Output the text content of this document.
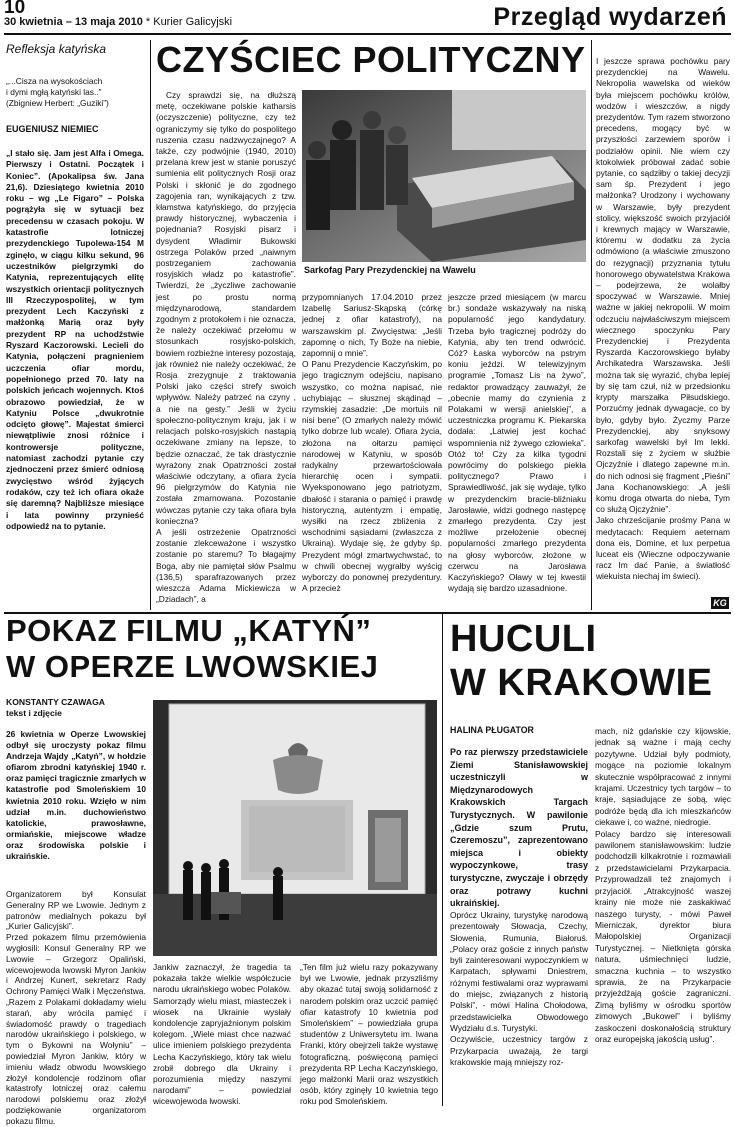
10
30 kwietnia – 13 maja 2010 * Kurier Galicyjski	Przegląd wydarzeń
Refleksja katyńska CZYŚCIEC POLITYCZNY
„...Cisza na wysokościach
i dymi mgłą katyński las..”
(Zbigniew Herbert: „Guziki”)
EUGENIUSZ NIEMIEC
„I stało się. Jam jest Alfa i Omega. Pierwszy i Ostatni. Początek i Koniec”. (Apokalipsa św. Jana 21,6). Dziesiątego kwietnia 2010 roku – wg „Le Figaro” – Polska pogrążyła się w sytuacji bez precedensu w czasach pokoju. W katastrofie lotniczej prezydenckiego Tupolewa-154 M zginęło, w ciągu kilku sekund, 96 uczestników pielgrzymki do Katynia, reprezentujących elitę wszystkich orientacji politycznych III Rzeczypospolitej, w tym prezydent Lech Kaczyński z małżonką Marią oraz były prezydent RP na uchodźstwie Ryszard Kaczorowski. Lecieli do Katynia, połączeni pragnieniem uczczenia ofiar mordu, popełnionego przed 70. laty na polskich jeńcach wojennych. Ktoś obrazowo powiedział, że w Katyniu Polsce „dwukrotnie odcięto głowę”. Majestat śmierci niewątpliwie znosi różnice i kontrowersje polityczne, natomiast zachodzi pytanie czy zjednoczeni przez śmierć odniosą zwycięstwo wśród żyjących rodaków, czy też ich ofiara okaże się daremną? Najbliższe miesiące i lata powinny przynieść odpowiedź na to pytanie.
Czy sprawdzi się, na dłuższą metę, oczekiwane polskie katharsis (oczyszczenie) polityczne, czy też ograniczymy się tylko do pospolitego ruszenia czasu nadzwyczajnego? A także, czy podwójnie (1940, 2010) przelana krew jest w stanie poruszyć sumienia elit politycznych Rosji oraz Polski i skłonić je do zgodnego zagojenia ran, wynikających z tzw. kłamstwa katyńskiego, do przyjęcia prawdy historycznej, wybaczenia i pojednania? Rosyjski pisarz i dysydent Władimir Bukowski ostrzega Polaków przed „naiwnym postrzeganiem zachowania rosyjskich władz po katastrofie”. Twierdzi, że „życzliwe zachowanie jest po prostu normą międzynarodową, standardem zgodnym z protokołem i nie oznacza, że należy oczekiwać przełomu w stosunkach rosyjsko-polskich, bowiem rozbieżne interesy pozostają, jak również nie należy oczekiwać, że Rosja zrezygnuje z traktowania Polski jako części strefy swoich wpływów. Należy patrzeć na czyny , a nie na gesty.” Jeśli w życiu społeczno-politycznym kraju, jak i w relacjach polsko-rosyjskich nastąpią oczekiwane zmiany na lepsze, to będzie oznaczać, że tak drastycznie wyrażony znak Opatrzności został właściwie odczytany, a ofiara życia 96 pielgrzymów do Katynia nie została zmarnowana. Pozostanie wówczas pytanie czy taka ofiara była konieczna?
A jeśli ostrzeżenie Opatrzności zostanie zlekceważone i wszystko zostanie po staremu? To błagajmy Boga, aby nie pamiętał słów Psalmu (136,5) sparafrazowanych przez wieszcza Adama Mickiewicza w „Dziadach”, a
Sarkofag Pary Prezydenckiej na Wawelu
przypomnianych 17.04.2010 przez Izabellę Sariusz-Skąpską (córkę jednej z ofiar katastrofy), na warszawskim pl. Zwycięstwa: „Jeśli zapomnę o nich, Ty Boże na niebie, zapomnij o mnie”.
O Panu Prezydencie Kaczyńskim, po jego tragicznym odejściu, napisano wszystko, co można napisać, nie uchybiając – słusznej skądinąd – rzymskiej zasadzie: „De mortuis nil nisi bene” (O zmarłych należy mówić tylko dobrze lub wcale). Ofiara życia, złożona na ołtarzu pamięci narodowej w Katyniu, w sposób radykalny przewartościowała hierarchię ocen i sympatii. Wyeksponowano jego patriotyzm, dbałość i starania o pamięć i prawdę historyczną, autentyzm i empatię, wysiłki na rzecz zbliżenia z wschodnimi sąsiadami (zwłaszcza z Ukrainą). Wydaje się, że gdyby śp. Prezydent mógł zmartwychwstać, to w chwili obecnej wygrałby wyścig wyborczy do ponownej prezydentury. A przecież
jeszcze przed miesiącem (w marcu br.) sondaże wskazywały na niską popularność jego kandydatury. Trzeba było tragicznej podróży do Katynia, aby ten trend odwrócić. Cóż? Łaska wyborców na pstrym koniu jeździ. W telewizyjnym programie „Tomasz Lis na żywo”, redaktor prowadzący zauważył, że „obecnie mamy do czynienia z Polakami w wersji anielskiej”, a uczestniczka programu K. Piekarska dodała: „Latwiej jest kochać wspomnienia niż żywego człowieka”. Otóż to! Czy za kilka tygodni powrócimy do polskiego piekła politycznego? Prawo i Sprawiedliwość, jak się wydaje, tylko w prezydenckim bracie-bliźniaku Jarosławie, widzi godnego następcę zmarłego prezydenta. Czy jest możliwe przełożenie obecnej popularności zmarłego prezydenta na głosy wyborców, złożone w czerwcu na Jarosława Kaczyńskiego? Oławy w tej kwestii wydają się bardzo uzasadnione.
I jeszcze sprawa pochówku pary prezydenckiej na Wawelu. Nekropolia wawelska od wieków była miejscem pochówku królów, wodzów i wieszczów, a nigdy prezydentów. Tym razem stworzono precedens, mogący być w przyszłości zarzewiem sporów i podziałów opinii. Nie wiem czy ktokolwiek próbował zadać sobie pytanie, co sądziłby o takiej decyzji sam śp. Prezydent i jego małżonka? Urodzony i wychowany w Warszawie, były prezydent stolicy, większość swoich przyjaciół i krewnych mający w Warszawie, któremu w dodatku za życia odmówiono (a właściwie zmuszono do rezygnacji) przyznania tytułu honorowego obywatelstwa Krakowa – podejrzewa, że wolałby spoczywać w Warszawie. Mniej ważne w jakiej nekropolii. W moim odczuciu najwłaściwszym miejscem wiecznego spoczynku Pary Prezydenckiej i Prezydenta Ryszarda Kaczorowskiego byłaby Archikatedra Warszawska. Jeśli można tak się wyrazić, chyba lepiej by się tam czuł, niż w przedsionku krypty marszałka Piłsudskiego. Porzućmy jednak dywagacje, co by było, gdyby było. Życzmy Parze Prezydenckiej, aby snyksowy sarkofag wawelski był Im lekki. Rozstali się z życiem w służbie Ojczyźnie i dlatego zapewne m.in. do nich odnosi się fragment „Pieśni” Jana Kochanowskiego: „A jeśli komu droga otwarta do nieba, Tym co służą Ojczyźnie”.
Jako chrześcijanie prośmy Pana w medytacach: Requiem aeternam dona eis, Domine, et lux perpetua luceat eis (Wieczne odpoczywanie racz Im dać Panie, a światłość wiekuista niechaj im świeci).
KG
POKAZ FILMU „KATYŃ”
W OPERZE LWOWSKIEJ
KONSTANTY CZAWAGA
tekst i zdjęcie
26 kwietnia w Operze Lwowskiej odbył się uroczysty pokaz filmu Andrzeja Wajdy „Katyń”, w hołdzie ofiarom zbrodni katyńskiej 1940 r. oraz pamięci tragicznie zmarłych w katastrofie pod Smoleńskiem 10 kwietnia 2010 roku. Wzięło w nim udział m.in. duchowieństwo katolickie, prawosławne, ormiańskie, miejscowe władze oraz środowiska polskie i ukraińskie.
Organizatorem był Konsulat Generalny RP we Lwowie. Jednym z patronów medialnych pokazu był „Kurier Galicyjski”.
Przed pokazem filmu przemówienia wygłosili: Konsul Generalny RP we Lwowie – Grzegorz Opaliński, wicewojewoda lwowski Myron Jankiw i Andrzej Kunert, sekretarz Rady Ochrony Pamięci Walk i Męczeństwa.
„Razem z Polakami dokładamy wielu starań, aby wrócila pamięć i świadomość prawdy o tragediach narodów ukraińskiego i polskiego, w tym o Bykowni na Wołyniu” – powiedział Myron Jankiw, który w imieniu władz obwodu lwowskiego złożył kondolencje rodzinom ofiar katastrofy lotniczej oraz całemu narodowi polskiemu oraz złożył podziękowanie organizatorom pokazu filmu.
Jankiw zaznaczył, że tragedia ta pokazała także wielkie współczucie narodu ukraińskiego wobec Polaków. Samorządy wielu miast, miasteczek i wiosek na Ukrainie wysłały kondolencje zapryjaźnionym polskim kolegom. „Wiele miast chce nazwać ulice imieniem polskiego prezydenta Lecha Kaczyńskiego, który tak wielu zrobił dobrego dla Ukrainy i porozumienia między naszymi narodami” – powiedział wicewojewoda lwowski.
„Ten film już wielu razy pokazywany był we Lwowie, jednak przyszliśmy aby okazać tutaj swoją solidarność z narodem polskim oraz uczcić pamięć ofiar katastrofy 10 kwietnia pod Smoleńskiem” – powiedziała grupa studentów z Uniwersytetu im. Iwana Franki, który obejrzeli także wystawę fotograficzną, poświęconą pamięci prezydenta RP Lecha Kaczyńskiego, jego małżonki Marii oraz wszystkich osób, który zginęły 10 kwietnia tego roku pod Smoleńskiem.
HUCULI
W KRAKOWIE
HALINA PŁUGATOR
Po raz pierwszy przedstawiciele Ziemi Stanisławowskiej uczestniczyli w Międzynarodowych Krakowskich Targach Turystycznych. W pawilonie „Gdzie szum Prutu, Czeremoszu”, zaprezentowano miejsca i obiekty wypoczynkowe, trasy turystyczne, zwyczaje i obrzędy oraz potrawy kuchni ukraińskiej.
Oprócz Ukrainy, turystykę narodową prezentowały Słowacja, Czechy, Słowenia, Rumunia, Białoruś. „Polacy oraz goście z innych państw byli zainteresowani wypoczynkiem w Karpatach, spływami Dniestrem, różnymi festiwalami oraz wyprawami do miejsc, związanych z historią Polski”, - mówi Halina Chołodowa, przedstawicielka Obwodowego Wydziału d.s. Turystyki.
Oczywiście, uczestnicy targów z Przykarpacia uważają, że targi krakowskie mają mniejszy roz-
mach, niż gdańskie czy kijowskie, jednak są ważne i mają cechy pozytywne. Udział były podmioty, mogące na poziomie lokalnym skutecznie współpracować z innymi krajami. Uczestnicy tych targów – to kraje, sąsiadujące ze sobą, więc podróże będą dla ich mieszkańców ciekawe i, co ważne, niedrogie.
Polacy bardzo się interesowali pawilonem stanisławowskim: ludzie podchodzili kilkakrotnie i rozmawiali z przedstawicielami Przykarpacia. Przyprowadzali też znajomych i przyjaciół. „Atrakcyjność waszej krainy nie może nie zaskakiwać naszego turysty, - mówi Paweł Mierniczak, dyrektor biura Małopolskiej Organizacji Turystycznej. – Nietknięta górska natura, uśmiechnięci ludzie, smaczna kuchnia – to wszystko sprawia, że na Przykarpacie przyjeżdżają goście zagraniczni. Zimą byliśmy w ośrodku sportów zimowych „Bukowel” i byliśmy zaskoczeni doskonałością struktury oraz europejską jakością usług”.
